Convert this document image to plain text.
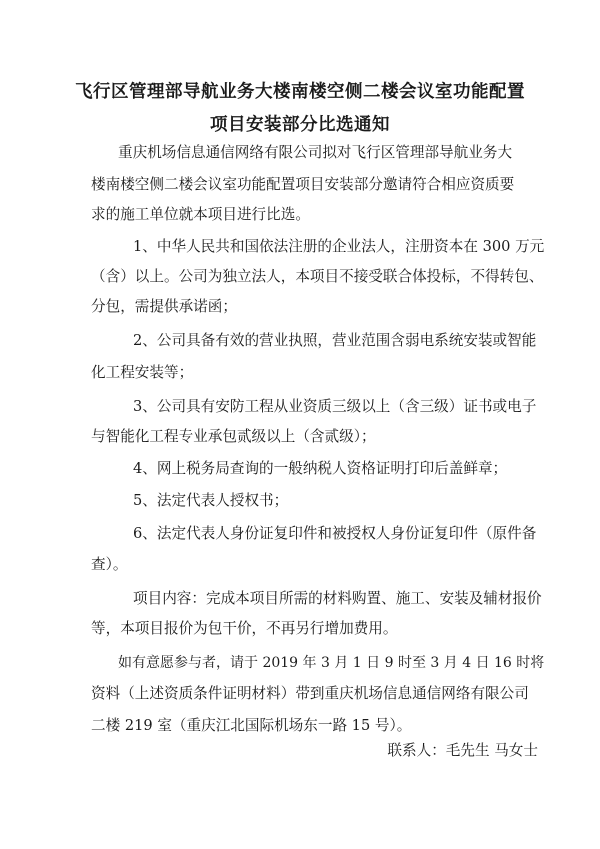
飞行区管理部导航业务大楼南楼空侧二楼会议室功能配置
项目安装部分比选通知
重庆机场信息通信网络有限公司拟对飞行区管理部导航业务大
楼南楼空侧二楼会议室功能配置项目安装部分邀请符合相应资质要
求的施工单位就本项目进行比选。
1、中华人民共和国依法注册的企业法人，注册资本在 300 万元
（含）以上。公司为独立法人，本项目不接受联合体投标，不得转包、
分包，需提供承诺函；
2、公司具备有效的营业执照，营业范围含弱电系统安装或智能
化工程安装等；
3、公司具有安防工程从业资质三级以上（含三级）证书或电子
与智能化工程专业承包贰级以上（含贰级）；
4、网上税务局查询的一般纳税人资格证明打印后盖鲜章；
5、法定代表人授权书；
6、法定代表人身份证复印件和被授权人身份证复印件（原件备
查）。
项目内容：完成本项目所需的材料购置、施工、安装及辅材报价
等，本项目报价为包干价，不再另行增加费用。
如有意愿参与者，请于 2019 年 3 月 1 日 9 时至 3 月 4 日 16 时将
资料（上述资质条件证明材料）带到重庆机场信息通信网络有限公司
二楼 219 室（重庆江北国际机场东一路 15 号）。
联系人：毛先生 马女士
